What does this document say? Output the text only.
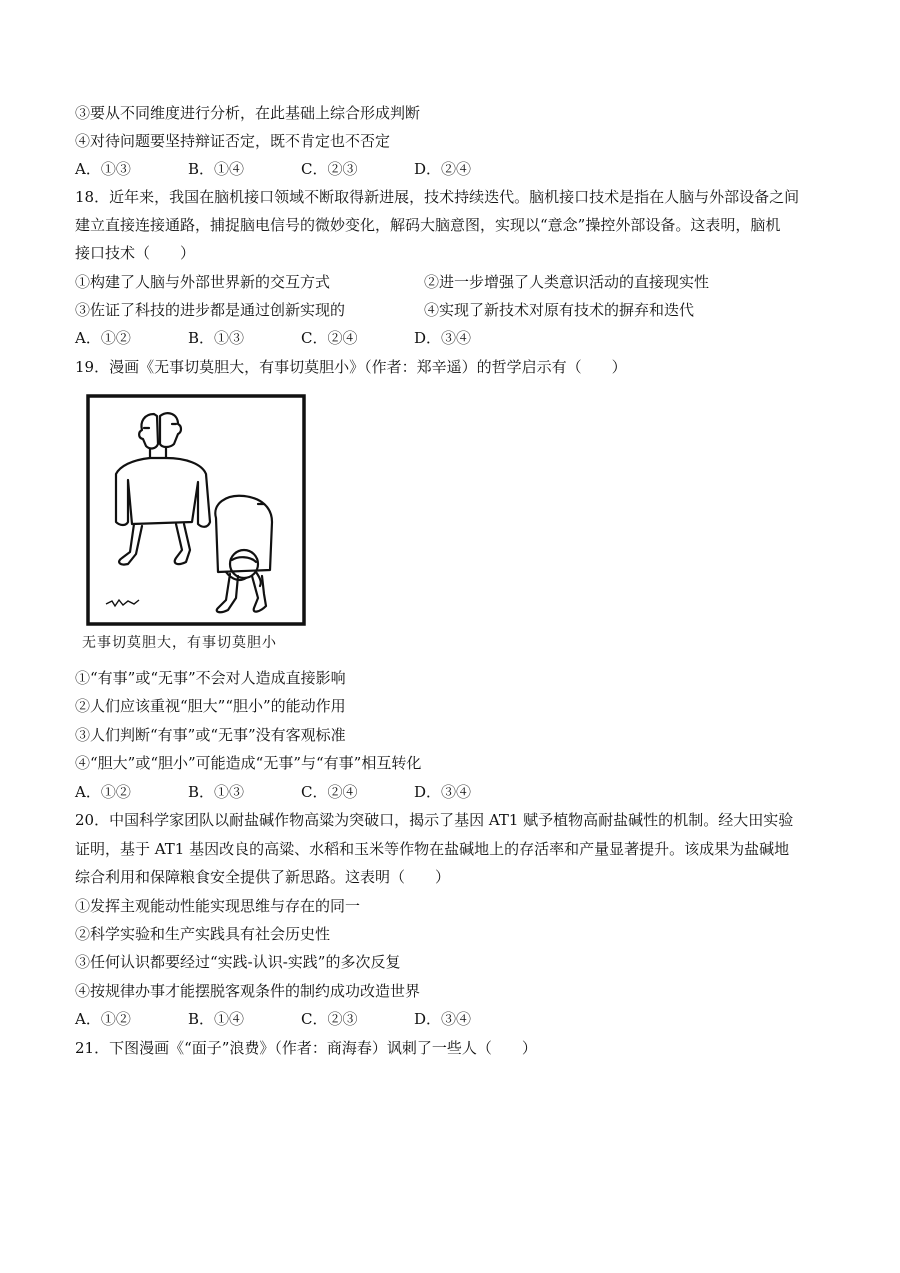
③要从不同维度进行分析，在此基础上综合形成判断
④对待问题要坚持辩证否定，既不肯定也不否定
A．①③	B．①④	C．②③	D．②④
18．近年来，我国在脑机接口领域不断取得新进展，技术持续迭代。脑机接口技术是指在人脑与外部设备之间
建立直接连接通路，捕捉脑电信号的微妙变化，解码大脑意图，实现以“意念”操控外部设备。这表明，脑机
接口技术（　　）
①构建了人脑与外部世界新的交互方式	②进一步增强了人类意识活动的直接现实性
③佐证了科技的进步都是通过创新实现的	④实现了新技术对原有技术的摒弃和迭代
A．①②	B．①③	C．②④	D．③④
19．漫画《无事切莫胆大，有事切莫胆小》（作者：郑辛遥）的哲学启示有（　　）
无事切莫胆大，有事切莫胆小
①“有事”或“无事”不会对人造成直接影响
②人们应该重视“胆大”“胆小”的能动作用
③人们判断“有事”或“无事”没有客观标准
④“胆大”或“胆小”可能造成“无事”与“有事”相互转化
A．①②	B．①③	C．②④	D．③④
20．中国科学家团队以耐盐碱作物高粱为突破口，揭示了基因 AT1 赋予植物高耐盐碱性的机制。经大田实验
证明，基于 AT1 基因改良的高粱、水稻和玉米等作物在盐碱地上的存活率和产量显著提升。该成果为盐碱地
综合利用和保障粮食安全提供了新思路。这表明（　　）
①发挥主观能动性能实现思维与存在的同一
②科学实验和生产实践具有社会历史性
③任何认识都要经过“实践-认识-实践”的多次反复
④按规律办事才能摆脱客观条件的制约成功改造世界
A．①②	B．①④	C．②③	D．③④
21．下图漫画《“面子”浪费》（作者：商海春）讽刺了一些人（　　）
